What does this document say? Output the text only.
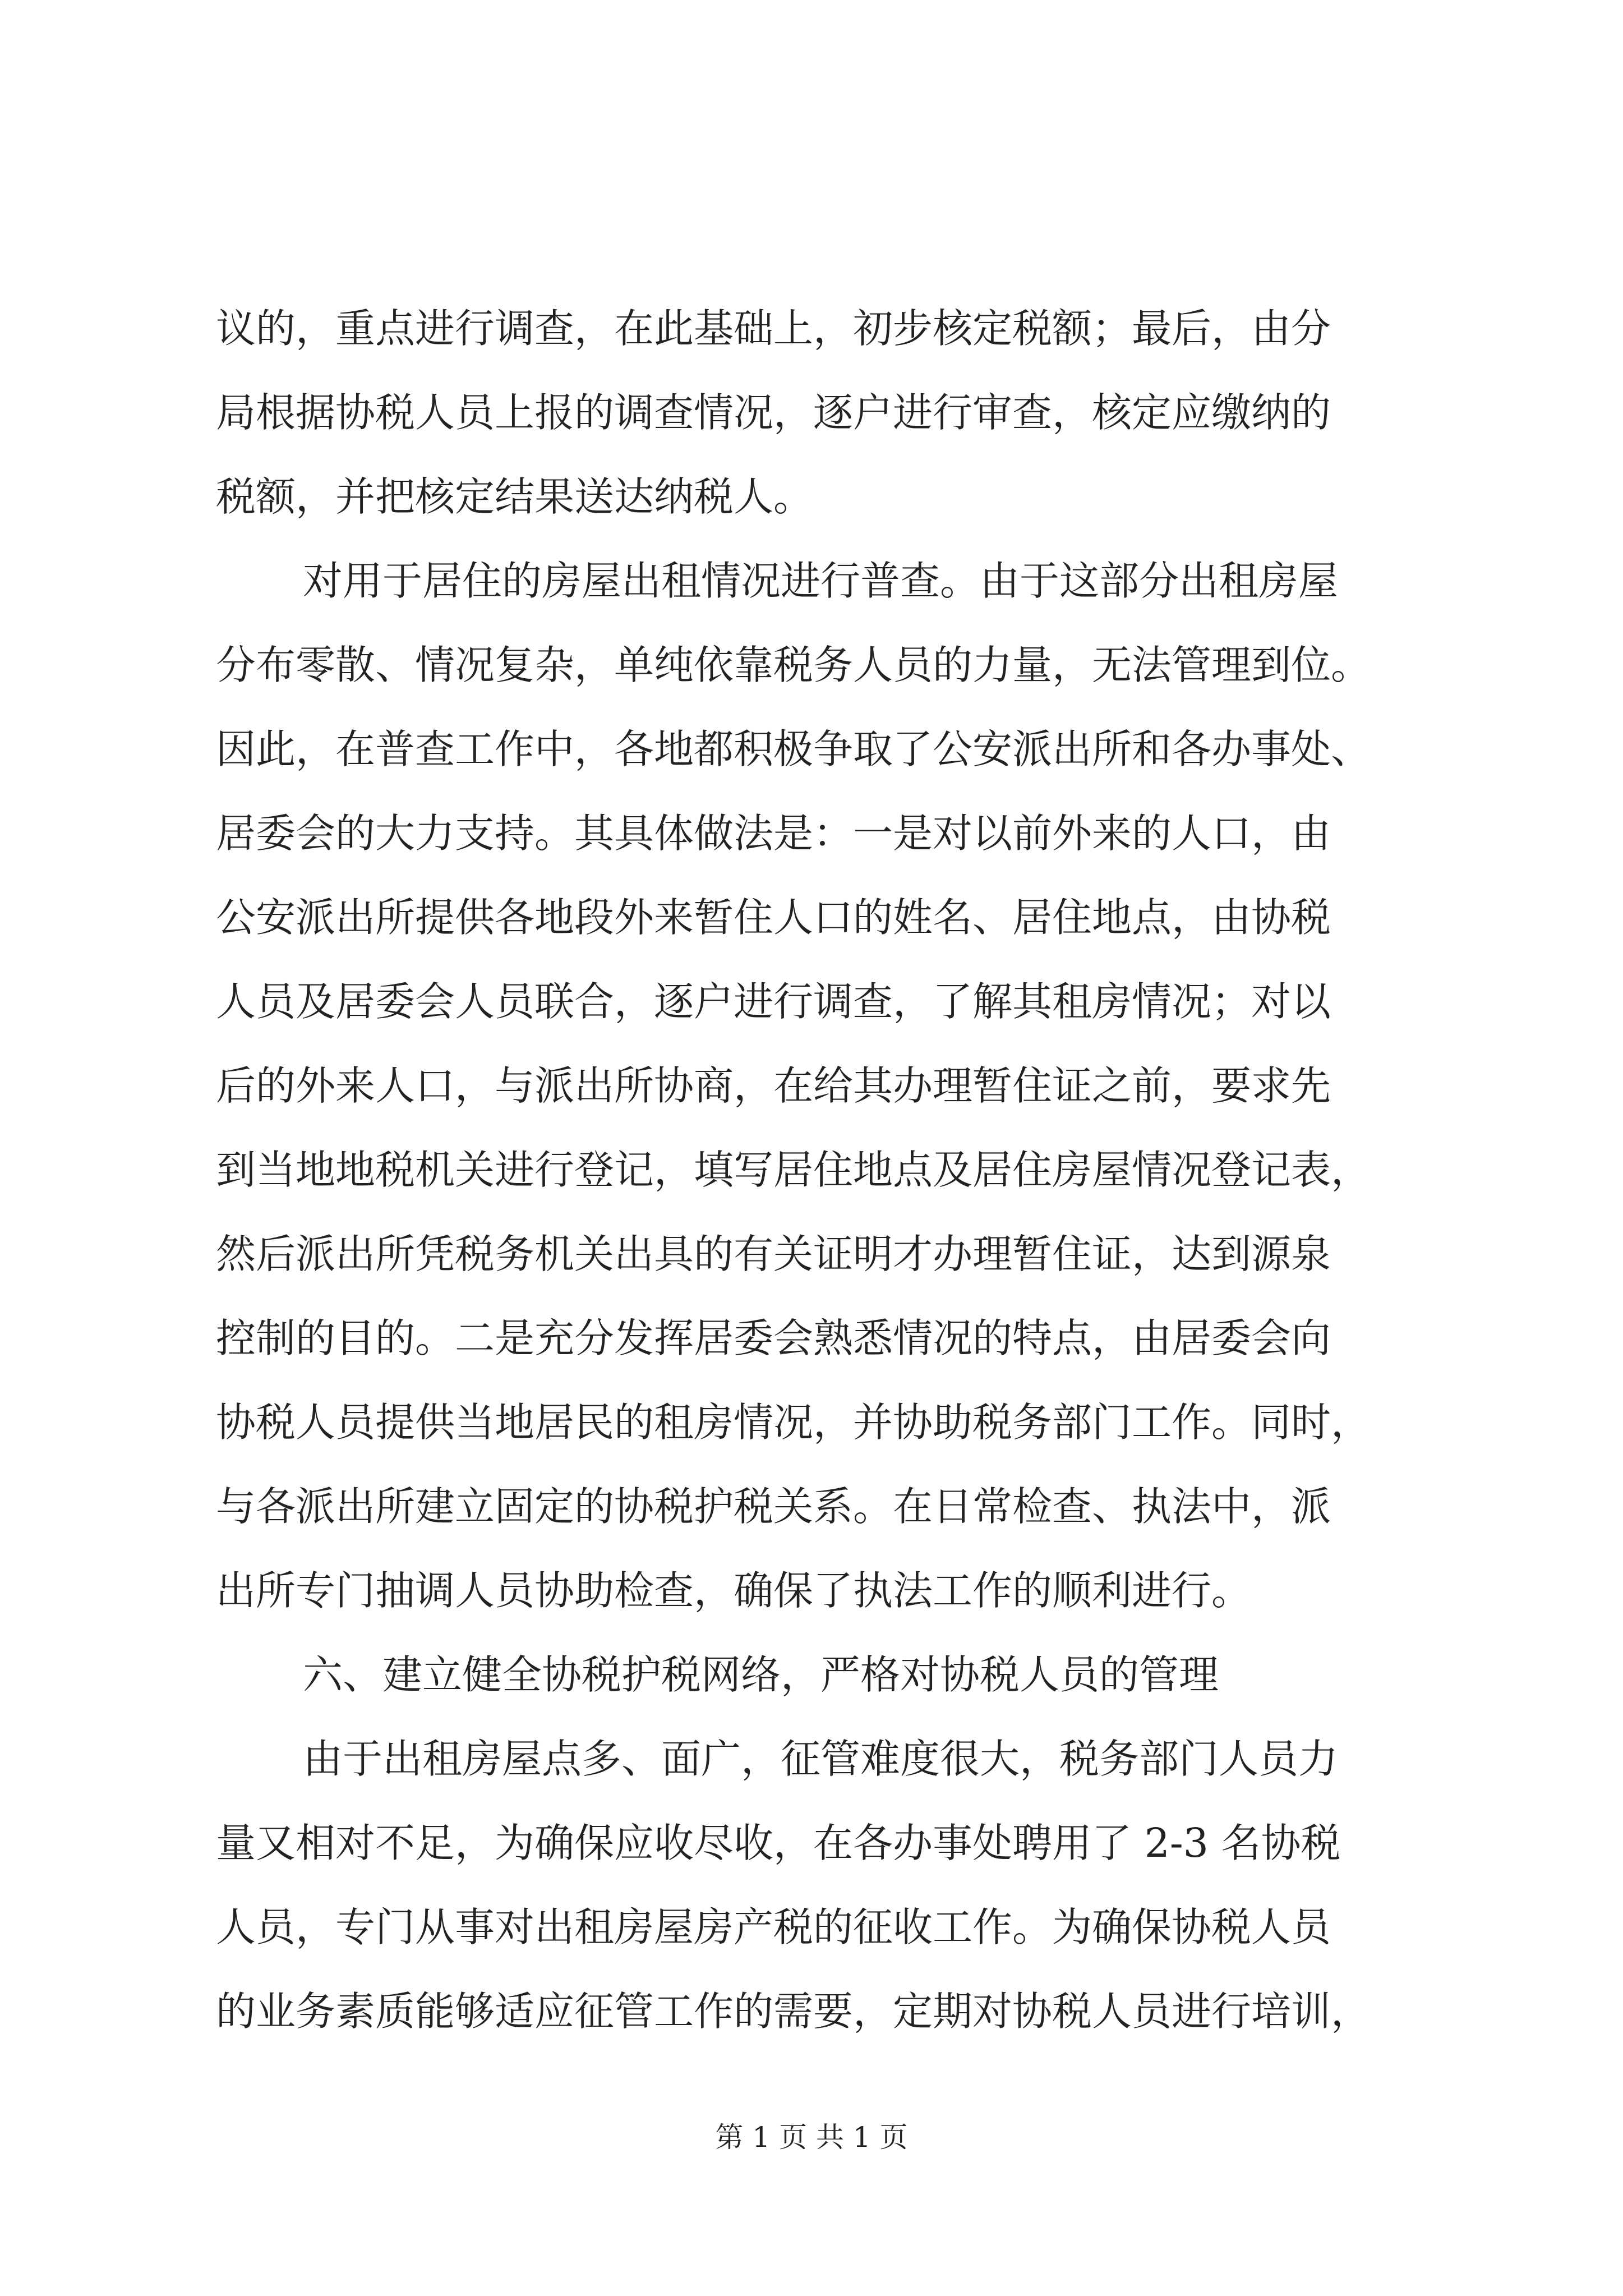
议的，重点进行调查，在此基础上，初步核定税额；最后，由分
局根据协税人员上报的调查情况，逐户进行审查，核定应缴纳的
税额，并把核定结果送达纳税人。
对用于居住的房屋出租情况进行普查。由于这部分出租房屋
分布零散、情况复杂，单纯依靠税务人员的力量，无法管理到位。
因此，在普查工作中，各地都积极争取了公安派出所和各办事处、
居委会的大力支持。其具体做法是：一是对以前外来的人口，由
公安派出所提供各地段外来暂住人口的姓名、居住地点，由协税
人员及居委会人员联合，逐户进行调查，了解其租房情况；对以
后的外来人口，与派出所协商，在给其办理暂住证之前，要求先
到当地地税机关进行登记，填写居住地点及居住房屋情况登记表，
然后派出所凭税务机关出具的有关证明才办理暂住证，达到源泉
控制的目的。二是充分发挥居委会熟悉情况的特点，由居委会向
协税人员提供当地居民的租房情况，并协助税务部门工作。同时，
与各派出所建立固定的协税护税关系。在日常检查、执法中，派
出所专门抽调人员协助检查，确保了执法工作的顺利进行。
六、建立健全协税护税网络，严格对协税人员的管理
由于出租房屋点多、面广，征管难度很大，税务部门人员力
量又相对不足，为确保应收尽收，在各办事处聘用了 2-3 名协税
人员，专门从事对出租房屋房产税的征收工作。为确保协税人员
的业务素质能够适应征管工作的需要，定期对协税人员进行培训，
第 1 页 共 1 页
